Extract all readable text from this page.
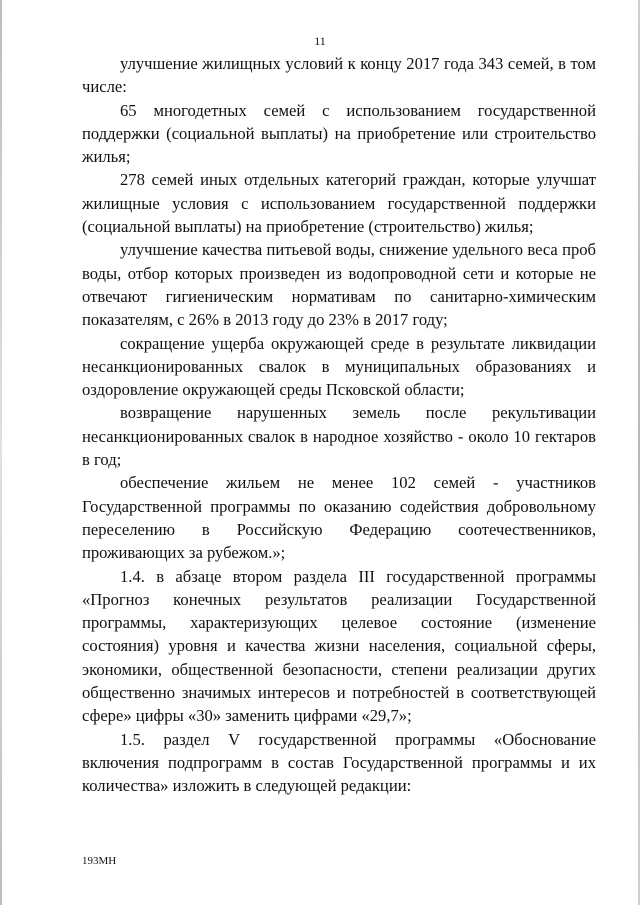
11

улучшение жилищных условий к концу 2017 года 343 семей, в том числе:

65 многодетных семей с использованием государственной поддержки (социальной выплаты) на приобретение или строительство жилья;

278 семей иных отдельных категорий граждан, которые улучшат жилищные условия с использованием государственной поддержки (социальной выплаты) на приобретение (строительство) жилья;

улучшение качества питьевой воды, снижение удельного веса проб воды, отбор которых произведен из водопроводной сети и которые не отвечают гигиеническим нормативам по санитарно-химическим показателям, с 26% в 2013 году до 23% в 2017 году;

сокращение ущерба окружающей среде в результате ликвидации несанкционированных свалок в муниципальных образованиях и оздоровление окружающей среды Псковской области;

возвращение нарушенных земель после рекультивации несанкционированных свалок в народное хозяйство - около 10 гектаров в год;

обеспечение жильем не менее 102 семей - участников Государственной программы по оказанию содействия добровольному переселению в Российскую Федерацию соотечественников, проживающих за рубежом.»;

1.4. в абзаце втором раздела III государственной программы «Прогноз конечных результатов реализации Государственной программы, характеризующих целевое состояние (изменение состояния) уровня и качества жизни населения, социальной сферы, экономики, общественной безопасности, степени реализации других общественно значимых интересов и потребностей в соответствующей сфере» цифры «30» заменить цифрами «29,7»;

1.5. раздел V государственной программы «Обоснование включения подпрограмм в состав Государственной программы и их количества» изложить в следующей редакции:

193МН
